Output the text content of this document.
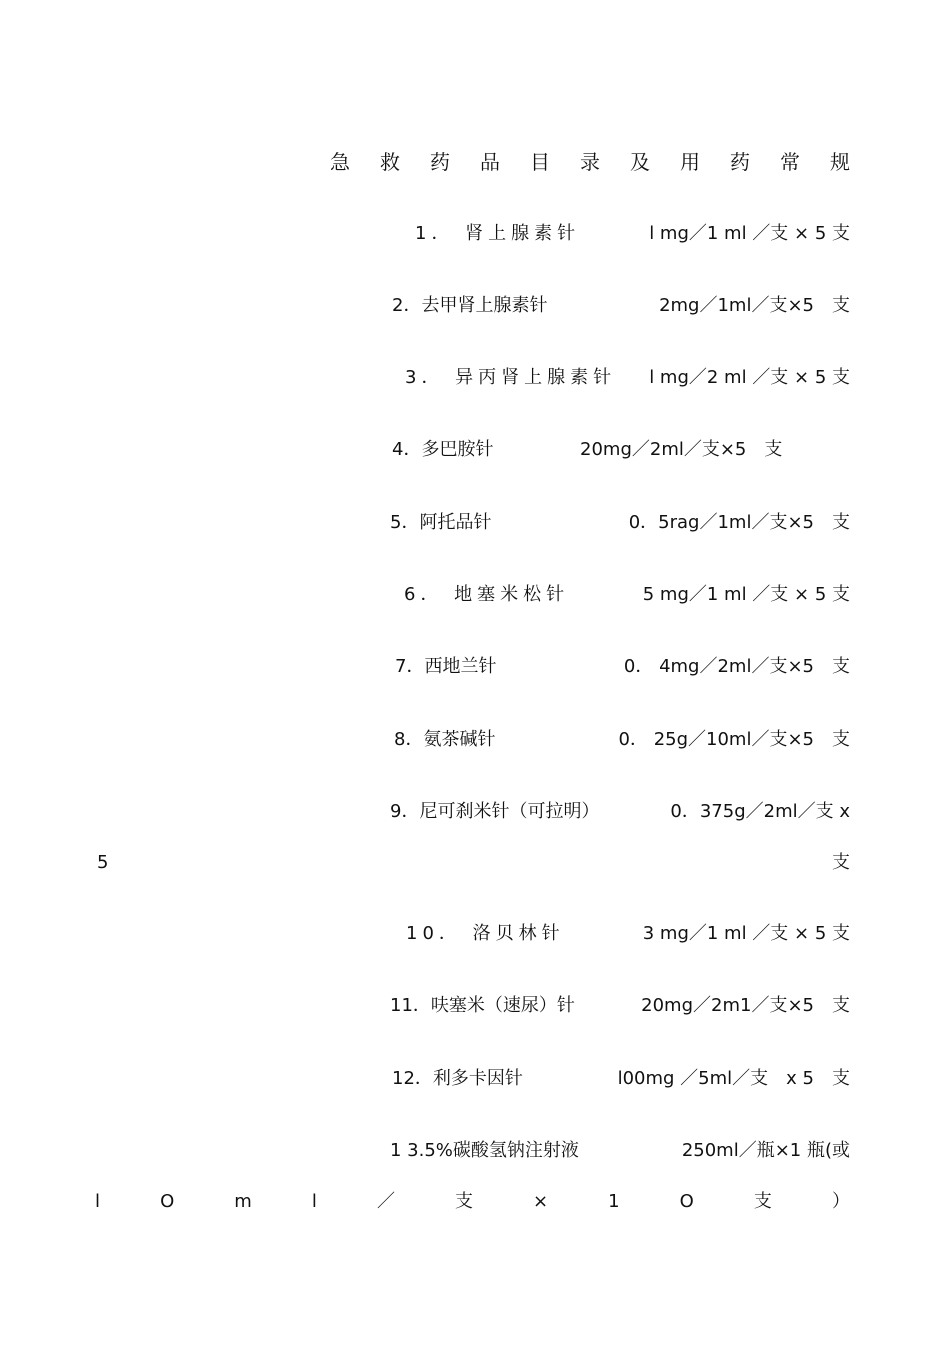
急 救 药 品 目 录 及 用 药 常 规
1． 肾上腺素针	l mg／1 ml ／支 × 5 支
2．去甲肾上腺素针	2mg／1ml／支×5　支
3． 异丙肾上腺素针 l mg／2 ml ／支 × 5 支
4．多巴胺针	20mg／2ml／支×5　支
5．阿托品针	0．5rag／1ml／支×5　支
6． 地塞米松针	5 mg／1 ml ／支 × 5 支
7．西地兰针	0． 4mg／2ml／支×5　支
8．氨茶碱针	0． 25g／10ml／支×5　支
9．尼可刹米针（可拉明）	0．375g／2ml／支 x
5	支
10． 洛贝林针	3 mg／1 ml ／支 × 5 支
11．呋塞米（速尿）针	20mg／2m1／支×5　支
12．利多卡因针	l00mg ／5ml／支　x 5　支
1 3.5%碳酸氢钠注射液	250ml／瓶×1 瓶(或
l	O	m	l	／	支	×	1	O	支	）
